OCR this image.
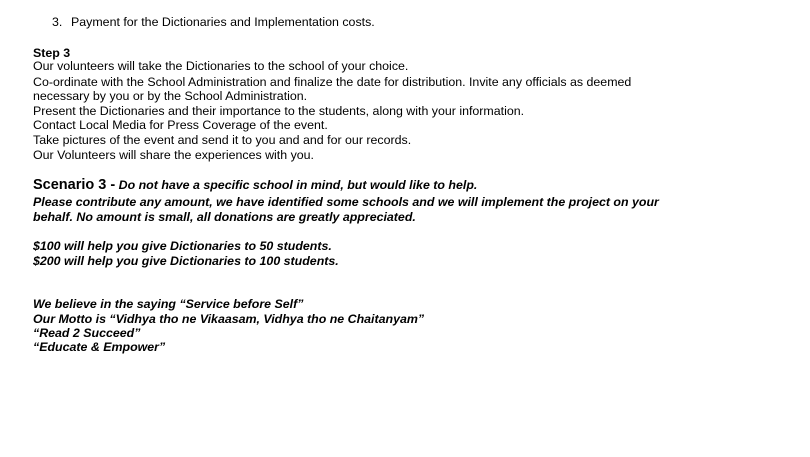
3. Payment for the Dictionaries and Implementation costs.
Step 3
Our volunteers will take the Dictionaries to the school of your choice.
Co-ordinate with the School Administration and finalize the date for distribution. Invite any officials as deemed
necessary by you or by the School Administration.
Present the Dictionaries and their importance to the students, along with your information.
Contact Local Media for Press Coverage of the event.
Take pictures of the event and send it to you and and for our records.
Our Volunteers will share the experiences with you.
Scenario 3 - Do not have a specific school in mind, but would like to help.
Please contribute any amount, we have identified some schools and we will implement the project on your
behalf. No amount is small, all donations are greatly appreciated.
$100 will help you give Dictionaries to 50 students.
$200 will help you give Dictionaries to 100 students.
We believe in the saying “Service before Self”
Our Motto is “Vidhya tho ne Vikaasam, Vidhya tho ne Chaitanyam”
“Read 2 Succeed”
“Educate & Empower”
